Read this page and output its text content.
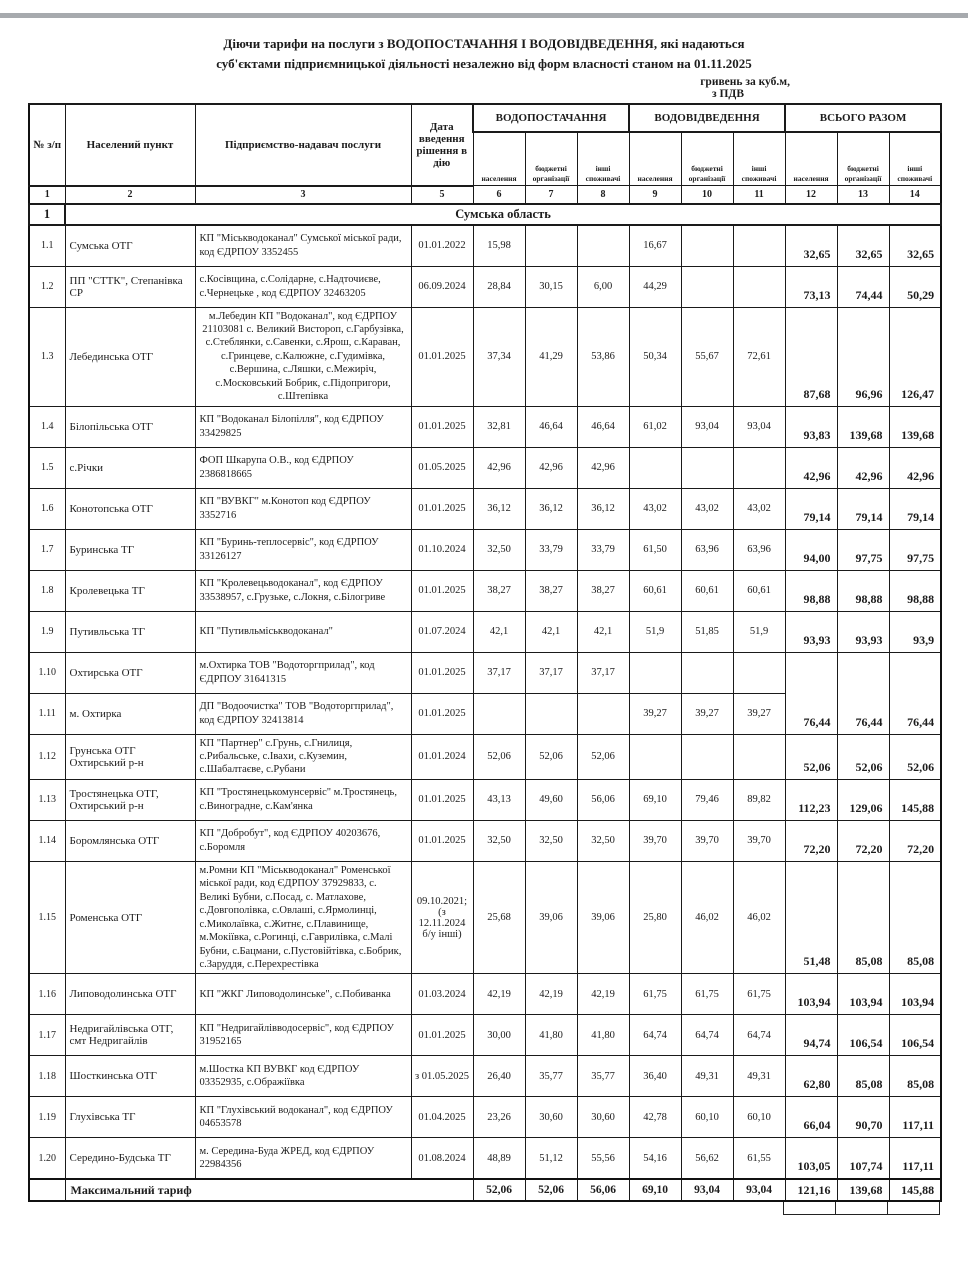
Діючи тарифи на послуги з ВОДОПОСТАЧАННЯ І ВОДОВІДВЕДЕННЯ, які надаються
суб'єктами підприємницької діяльності незалежно від форм власності станом на 01.11.2025
гривень за куб.м,
з ПДВ
№ з/п	Населений пункт	Підприємство-надавач послуги	Дата введення рішення в дію	ВОДОПОСТАЧАННЯ			ВОДОВІДВЕДЕННЯ			ВСЬОГО РАЗОМ		
				населення	бюджетні організації	інші споживачі	населення	бюджетні організації	інші споживачі	населення	бюджетні організації	інші споживачі
1	2	3	5	6	7	8	9	10	11	12	13	14
1	Сумська область											
1.1	Сумська ОТГ	КП "Міськводоканал" Сумської міської ради, код ЄДРПОУ 3352455	01.01.2022	15,98			16,67			32,65	32,65	32,65
1.2	ПП "СТТК", Степанівка СР	с.Косівщина, с.Солідарне, с.Надточиєве, с.Чернецьке , код ЄДРПОУ 32463205	06.09.2024	28,84	30,15	6,00	44,29			73,13	74,44	50,29
1.3	Лебединська ОТГ	м.Лебедин КП "Водоканал", код ЄДРПОУ 21103081 с. Великий Вистороп, с.Гарбузівка, с.Стеблянки, с.Савенки, с.Ярош, с.Караван, с.Гринцеве, с.Калюжне, с.Гудимівка, с.Вершина, с.Ляшки, с.Межиріч, с.Московський Бобрик, с.Підопригори, с.Штепівка	01.01.2025	37,34	41,29	53,86	50,34	55,67	72,61	87,68	96,96	126,47
1.4	Білопільська ОТГ	КП "Водоканал Білопілля", код ЄДРПОУ 33429825	01.01.2025	32,81	46,64	46,64	61,02	93,04	93,04	93,83	139,68	139,68
1.5	с.Річки	ФОП Шкарупа О.В., код ЄДРПОУ 2386818665	01.05.2025	42,96	42,96	42,96				42,96	42,96	42,96
1.6	Конотопська ОТГ	КП "ВУВКГ" м.Конотоп код ЄДРПОУ 3352716	01.01.2025	36,12	36,12	36,12	43,02	43,02	43,02	79,14	79,14	79,14
1.7	Буринська ТГ	КП "Буринь-теплосервіс", код ЄДРПОУ 33126127	01.10.2024	32,50	33,79	33,79	61,50	63,96	63,96	94,00	97,75	97,75
1.8	Кролевецька ТГ	КП "Кролевецьводоканал", код ЄДРПОУ 33538957, с.Грузьке, с.Локня, с.Білогриве	01.01.2025	38,27	38,27	38,27	60,61	60,61	60,61	98,88	98,88	98,88
1.9	Путивльська ТГ	КП "Путивльміськводоканал"	01.07.2024	42,1	42,1	42,1	51,9	51,85	51,9	93,93	93,93	93,9
1.10	Охтирська ОТГ	м.Охтирка ТОВ "Водоторгприлад", код ЄДРПОУ 31641315	01.01.2025	37,17	37,17	37,17				76,44	76,44	76,44
1.11	м. Охтирка	ДП "Водоочистка" ТОВ "Водоторгприлад", код ЄДРПОУ 32413814	01.01.2025				39,27	39,27	39,27			
1.12	Грунська ОТГ Охтирський р-н	КП "Партнер" с.Грунь, с.Гнилиця, с.Рибальське, с.Івахи, с.Куземин, с.Шабалтаєве, с.Рубани	01.01.2024	52,06	52,06	52,06				52,06	52,06	52,06
1.13	Тростянецька ОТГ, Охтирський р-н	КП "Тростянецькомунсервіс" м.Тростянець, с.Виноградне, с.Кам'янка	01.01.2025	43,13	49,60	56,06	69,10	79,46	89,82	112,23	129,06	145,88
1.14	Боромлянська ОТГ	КП "Добробут", код ЄДРПОУ 40203676, с.Боромля	01.01.2025	32,50	32,50	32,50	39,70	39,70	39,70	72,20	72,20	72,20
1.15	Роменська ОТГ	м.Ромни КП "Міськводоканал" Роменської міської ради, код ЄДРПОУ 37929833, с. Великі Бубни, с.Посад, с. Матлахове, с.Довгополівка, с.Овлаші, с.Ярмолинці, с.Миколаївка, с.Житнє, с.Плавинище, м.Мокіївка, с.Рогинці, с.Гаврилівка, с.Малі Бубни, с.Бацмани, с.Пустовійтівка, с.Бобрик, с.Заруддя, с.Перехрестівка	09.10.2021; (з 12.11.2024 б/у інші)	25,68	39,06	39,06	25,80	46,02	46,02	51,48	85,08	85,08
1.16	Липоводолинська ОТГ	КП "ЖКГ Липоводолинське", с.Побиванка	01.03.2024	42,19	42,19	42,19	61,75	61,75	61,75	103,94	103,94	103,94
1.17	Недригайлівська ОТГ, смт Недригайлів	КП "Недригайлівводосервіс", код ЄДРПОУ 31952165	01.01.2025	30,00	41,80	41,80	64,74	64,74	64,74	94,74	106,54	106,54
1.18	Шосткинська ОТГ	м.Шостка КП ВУВКГ код ЄДРПОУ 03352935, с.Ображіївка	з 01.05.2025	26,40	35,77	35,77	36,40	49,31	49,31	62,80	85,08	85,08
1.19	Глухівська ТГ	КП "Глухівський водоканал", код ЄДРПОУ 04653578	01.04.2025	23,26	30,60	30,60	42,78	60,10	60,10	66,04	90,70	117,11
1.20	Середино-Будська ТГ	м. Середина-Буда ЖРЕД, код ЄДРПОУ 22984356	01.08.2024	48,89	51,12	55,56	54,16	56,62	61,55	103,05	107,74	117,11
	Максимальний тариф			52,06	52,06	56,06	69,10	93,04	93,04	121,16	139,68	145,88
